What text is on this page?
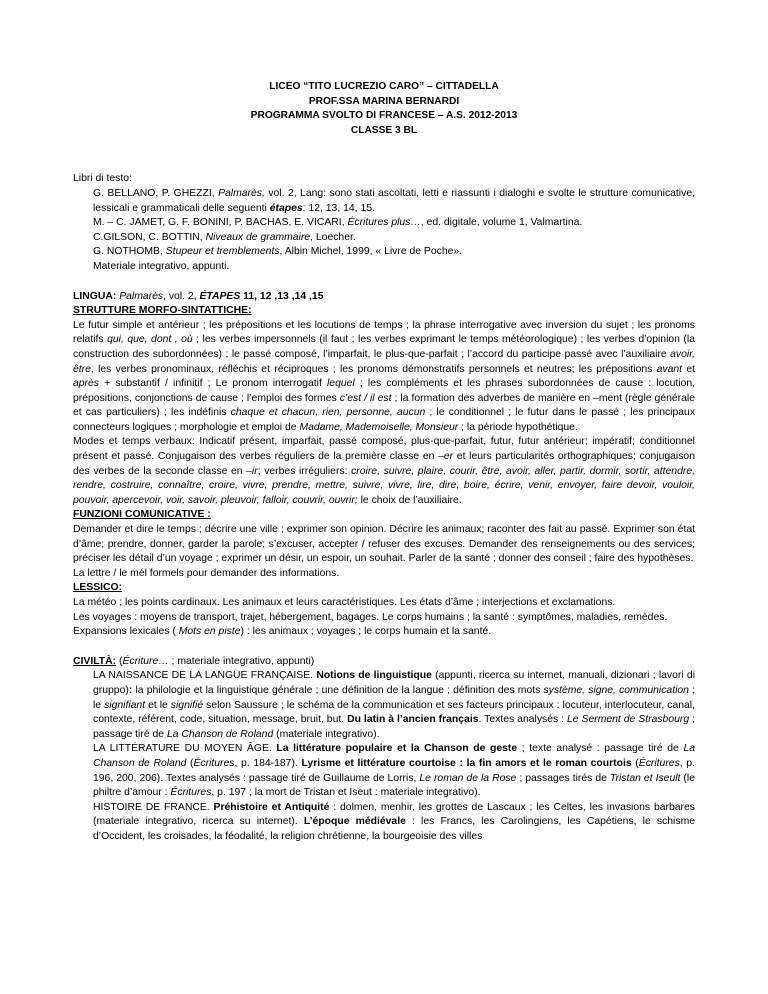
LICEO “TITO LUCREZIO CARO” – CITTADELLA
PROF.SSA MARINA BERNARDI
PROGRAMMA SVOLTO DI FRANCESE – A.S. 2012-2013
CLASSE 3 BL

Libri di testo:

G. BELLANO, P. GHEZZI, Palmarès, vol. 2, Lang: sono stati ascoltati, letti e riassunti i dialoghi e svolte le strutture comunicative, lessicali e grammaticali delle seguenti étapes: 12, 13, 14, 15.
M. – C. JAMET, G. F. BONINI, P. BACHAS, E. VICARI, Écritures plus…, ed. digitale, volume 1, Valmartina.
C.GILSON, C. BOTTIN, Niveaux de grammaire, Loecher.
G. NOTHOMB, Stupeur et tremblements, Albin Michel, 1999, « Livre de Poche».
Materiale integrativo, appunti.

LINGUA: Palmarès, vol. 2, ÉTAPES 11, 12 ,13 ,14 ,15

STRUTTURE MORFO-SINTATTICHE:

Le futur simple et antérieur ; les prépositions et les locutions de temps ; la phrase interrogative avec inversion du sujet ; les pronoms relatifs qui, que, dont , où ; les verbes impersonnels (il faut ; les verbes exprimant le temps météorologique) ; les verbes d’opinion (la construction des subordonnées) ; le passé composé, l’imparfait, le plus-que-parfait ; l’accord du participe passé avec l’auxiliaire avoir, être, les verbes pronominaux, réfléchis et réciproques ; les pronoms démonstratifs personnels et neutres; les prépositions avant et après + substantif / infinitif ; Le pronom interrogatif lequel ; les compléments et les phrases subordonnées de cause : locution, prépositions, conjonctions de cause ; l’emploi des formes c’est / il est ; la formation des adverbes de manière en –ment (règle générale et cas particuliers) ; les indéfinis chaque et chacun, rien, personne, aucun ; le conditionnel ; le futur dans le passé ; les principaux connecteurs logiques ; morphologie et emploi de Madame, Mademoiselle, Monsieur ; la période hypothétique.

Modes et temps verbaux: Indicatif présent, imparfait, passé composé, plus-que-parfait, futur, futur antérieur; impératif; conditionnel présent et passé. Conjugaison des verbes réguliers de la première classe en –er et leurs particularités orthographiques; conjugaison des verbes de la seconde classe en –ir; verbes irréguliers: croire, suivre, plaire, courir, être, avoir, aller, partir, dormir, sortir, attendre, rendre, costruire, connaître, croire, vivre, prendre, mettre, suivre, vivre, lire, dire, boire, écrire, venir, envoyer, faire devoir, vouloir, pouvoir, apercevoir, voir, savoir, pleuvoir, falloir, couvrir, ouvrir; le choix de l’auxiliaire.

FUNZIONI COMUNICATIVE :

Demander et dire le temps ; décrire une ville ; exprimer son opinion. Décrire les animaux; raconter des fait au passé. Exprimer son état d’âme; prendre, donner, garder la parole; s’excuser, accepter / refuser des excuses. Demander des renseignements ou des services; préciser les détail d’un voyage ; exprimer un désir, un espoir, un souhait. Parler de la santé ; donner des conseil ; faire des hypothèses.

La lettre / le mél formels pour demander des informations.

LESSICO:

La météo ; les points cardinaux. Les animaux et leurs caractéristiques. Les états d’âme ; interjections et exclamations.

Les voyages : moyens de transport, trajet, hébergement, bagages. Le corps humains ; la santé : symptômes, maladies, remèdes.

Expansions lexicales ( Mots en piste) : les animaux ; voyages ; le corps humain et la santé.

CIVILTÀ: (Écriture… ; materiale integrativo, appunti)

LA NAISSANCE DE LA LANGUE FRANÇAISE. Notions de linguistique (appunti, ricerca su internet, manuali, dizionari ; lavori di gruppo): la philologie et la linguistique générale ; une définition de la langue ; définition des mots système, signe, communication ; le signifiant et le signifié selon Saussure ; le schéma de la communication et ses facteurs principaux : locuteur, interlocuteur, canal, contexte, référent, code, situation, message, bruit, but. Du latin à l’ancien français. Textes analysés : Le Serment de Strasbourg ; passage tiré de La Chanson de Roland (materiale integrativo).
LA LITTÉRATURE DU MOYEN ÂGE. La littérature populaire et la Chanson de geste ; texte analysé : passage tiré de La Chanson de Roland (Écritures, p. 184-187). Lyrisme et littérature courtoise : la fin amors et le roman courtois (Écritures, p. 196, 200, 206). Textes analysés : passage tiré de Guillaume de Lorris, Le roman de la Rose ; passages tirés de Tristan et Iseult (le philtre d’amour : Écritures, p. 197 ; la mort de Tristan et Iseut : materiale integrativo).
HISTOIRE DE FRANCE. Préhistoire et Antiquité : dolmen, menhir, les grottes de Lascaux ; les Celtes, les invasions barbares (materiale integrativo, ricerca su internet). L’époque médiévale : les Francs, les Carolingiens, les Capétiens, le schisme d’Occident, les croisades, la féodalité, la religion chrétienne, la bourgeoisie des villes
